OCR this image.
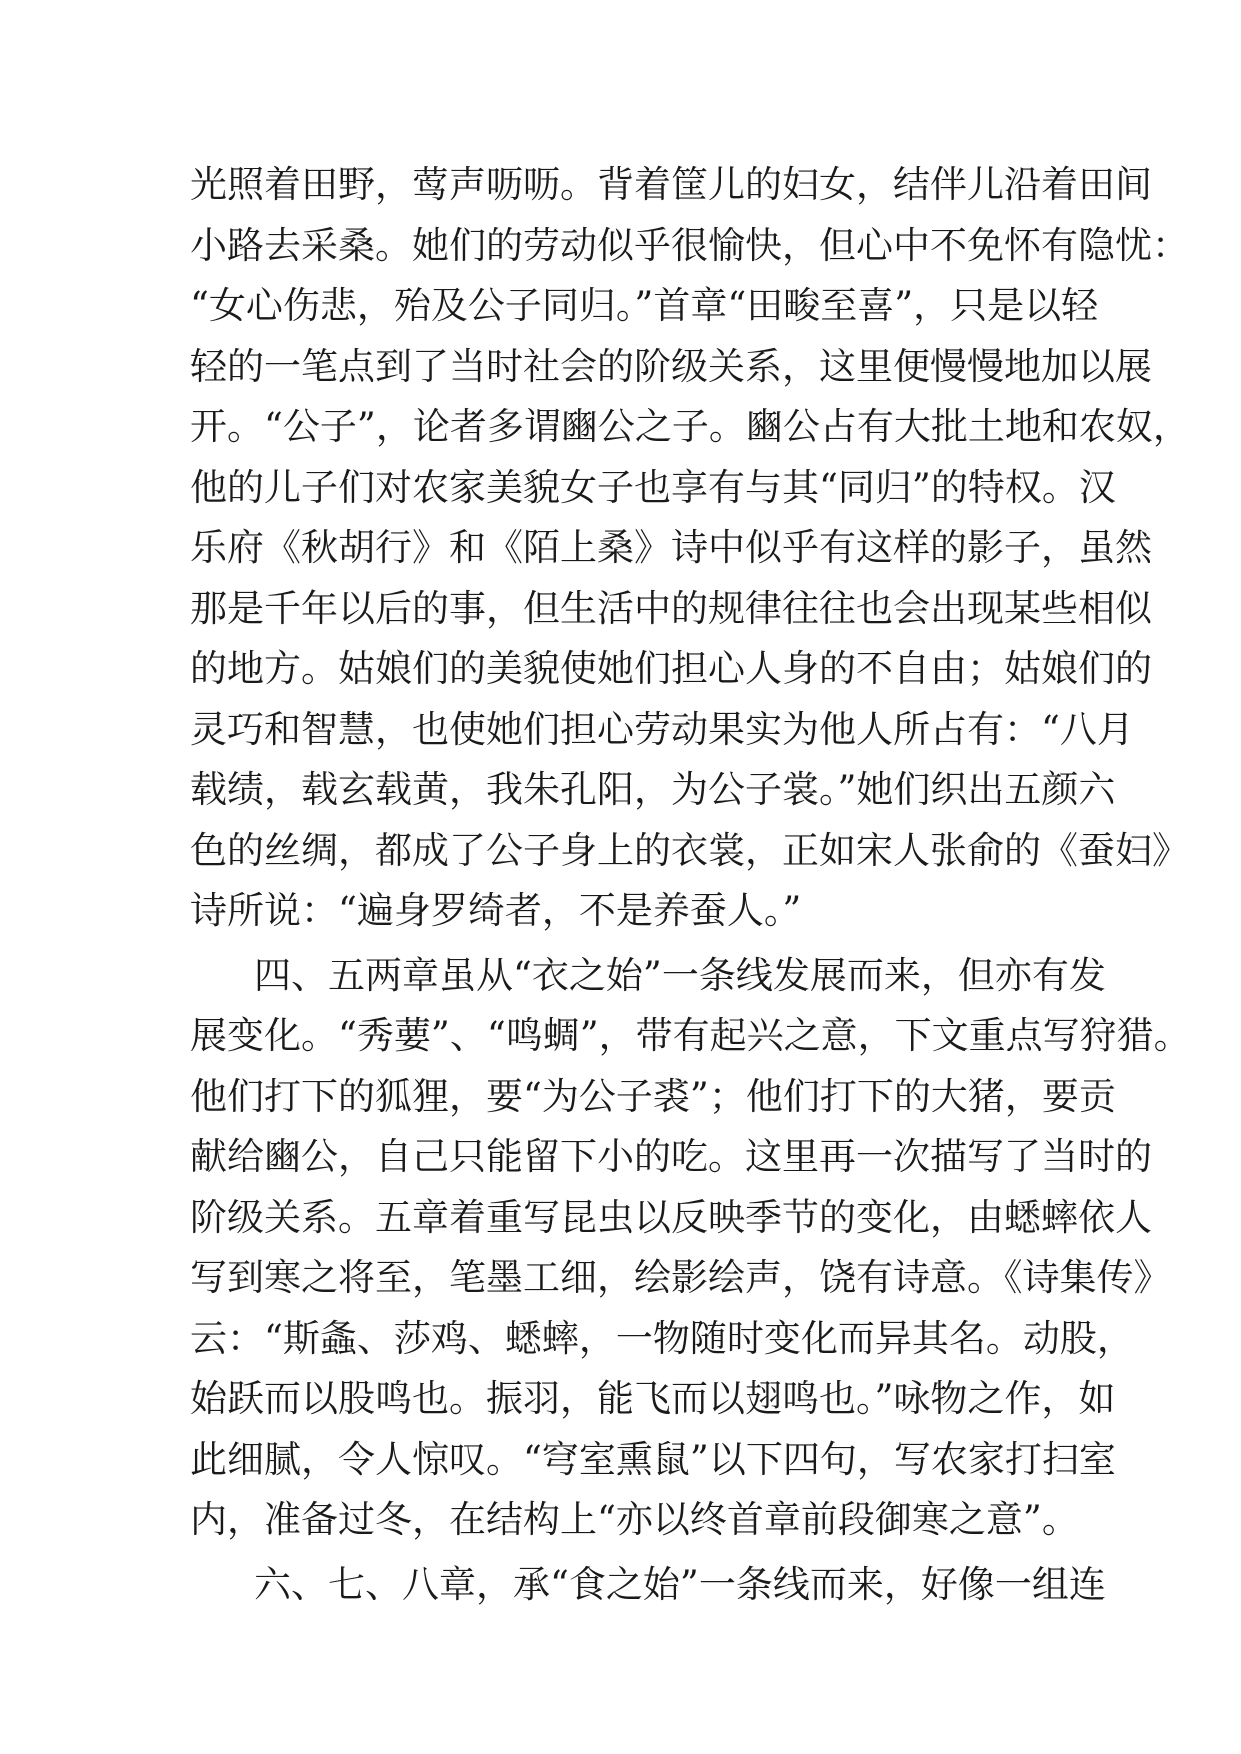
光照着田野，莺声呖呖。背着筐儿的妇女，结伴儿沿着田间
小路去采桑。她们的劳动似乎很愉快，但心中不免怀有隐忧：
“女心伤悲，殆及公子同归。”首章“田畯至喜”，只是以轻
轻的一笔点到了当时社会的阶级关系，这里便慢慢地加以展
开。“公子”，论者多谓豳公之子。豳公占有大批土地和农奴，
他的儿子们对农家美貌女子也享有与其“同归”的特权。汉
乐府《秋胡行》和《陌上桑》诗中似乎有这样的影子，虽然
那是千年以后的事，但生活中的规律往往也会出现某些相似
的地方。姑娘们的美貌使她们担心人身的不自由；姑娘们的
灵巧和智慧，也使她们担心劳动果实为他人所占有：“八月
载绩，载玄载黄，我朱孔阳，为公子裳。”她们织出五颜六
色的丝绸，都成了公子身上的衣裳，正如宋人张俞的《蚕妇》
诗所说：“遍身罗绮者，不是养蚕人。”
四、五两章虽从“衣之始”一条线发展而来，但亦有发
展变化。“秀葽”、“鸣蜩”，带有起兴之意，下文重点写狩猎。
他们打下的狐狸，要“为公子裘”；他们打下的大猪，要贡
献给豳公，自己只能留下小的吃。这里再一次描写了当时的
阶级关系。五章着重写昆虫以反映季节的变化，由蟋蟀依人
写到寒之将至，笔墨工细，绘影绘声，饶有诗意。《诗集传》
云：“斯螽、莎鸡、蟋蟀，一物随时变化而异其名。动股，
始跃而以股鸣也。振羽，能飞而以翅鸣也。”咏物之作，如
此细腻，令人惊叹。“穹室熏鼠”以下四句，写农家打扫室
内，准备过冬，在结构上“亦以终首章前段御寒之意”。
六、七、八章，承“食之始”一条线而来，好像一组连
